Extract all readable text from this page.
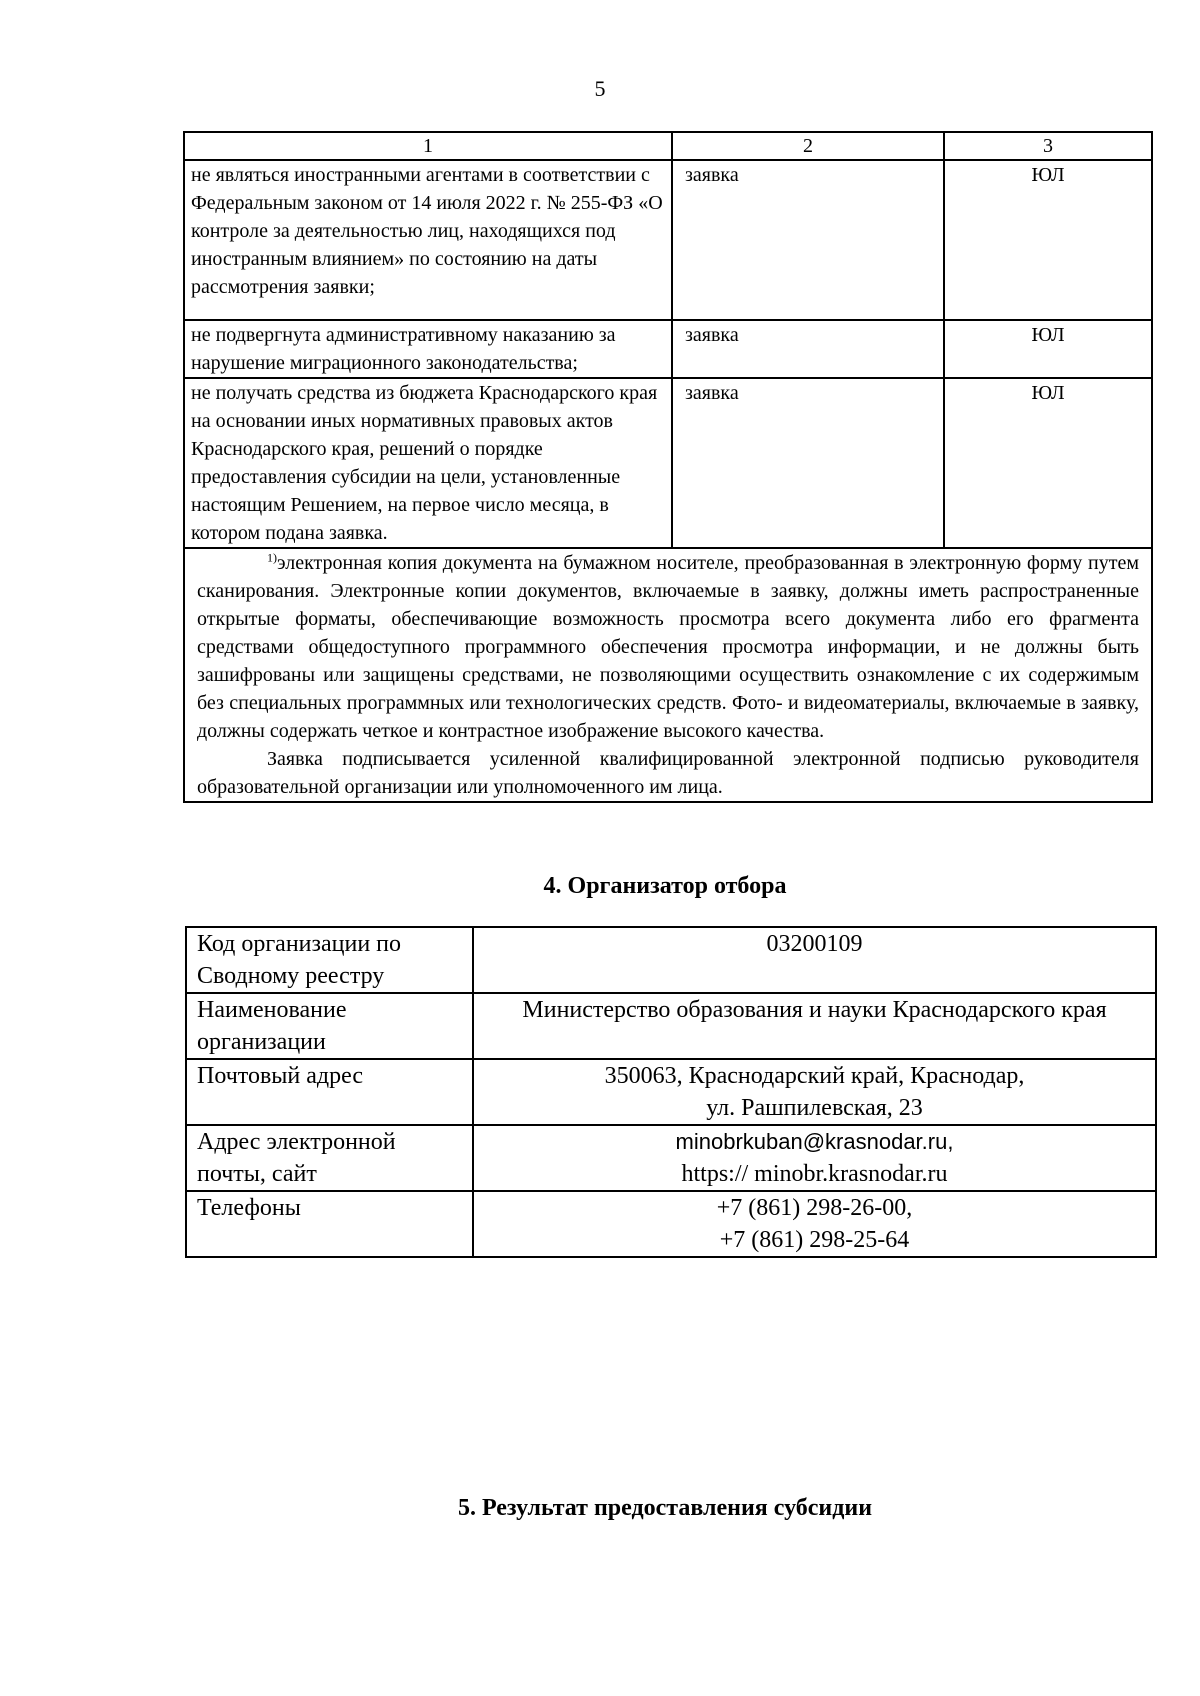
5
1	2	3
не являться иностранными агентами в соответствии с Федеральным законом от 14 июля 2022 г. № 255-ФЗ «О контроле за деятельностью лиц, находящихся под иностранным влиянием» по состоянию на даты рассмотрения заявки;	заявка	ЮЛ
не подвергнута административному наказанию за нарушение миграционного законодательства;	заявка	ЮЛ
не получать средства из бюджета Краснодарского края на основании иных нормативных правовых актов Краснодарского края, решений о порядке предоставления субсидии на цели, установленные настоящим Решением, на первое число месяца, в котором подана заявка.	заявка	ЮЛ

$^{1)}$электронная копия документа на бумажном носителе, преобразованная в электронную форму путем сканирования. Электронные копии документов, включаемые в заявку, должны иметь распространенные открытые форматы, обеспечивающие возможность просмотра всего документа либо его фрагмента средствами общедоступного программного обеспечения просмотра информации, и не должны быть зашифрованы или защищены средствами, не позволяющими осуществить ознакомление с их содержимым без специальных программных или технологических средств. Фото- и видеоматериалы, включаемые в заявку, должны содержать четкое и контрастное изображение высокого качества.

Заявка подписывается усиленной квалифицированной электронной подписью руководителя образовательной организации или уполномоченного им лица.		

4. Организатор отбора
Код организации по Сводному реестру	03200109

Наименование организации	Министерство образования и науки Краснодарского края

Почтовый адрес	350063, Краснодарский край, Краснодар,
ул. Рашпилевская, 23

Адрес электронной почты, сайт	minobrkuban@krasnodar.ru,
https:// minobr.krasnodar.ru

Телефоны	+7 (861) 298-26-00,
+7 (861) 298-25-64
5. Результат предоставления субсидии
